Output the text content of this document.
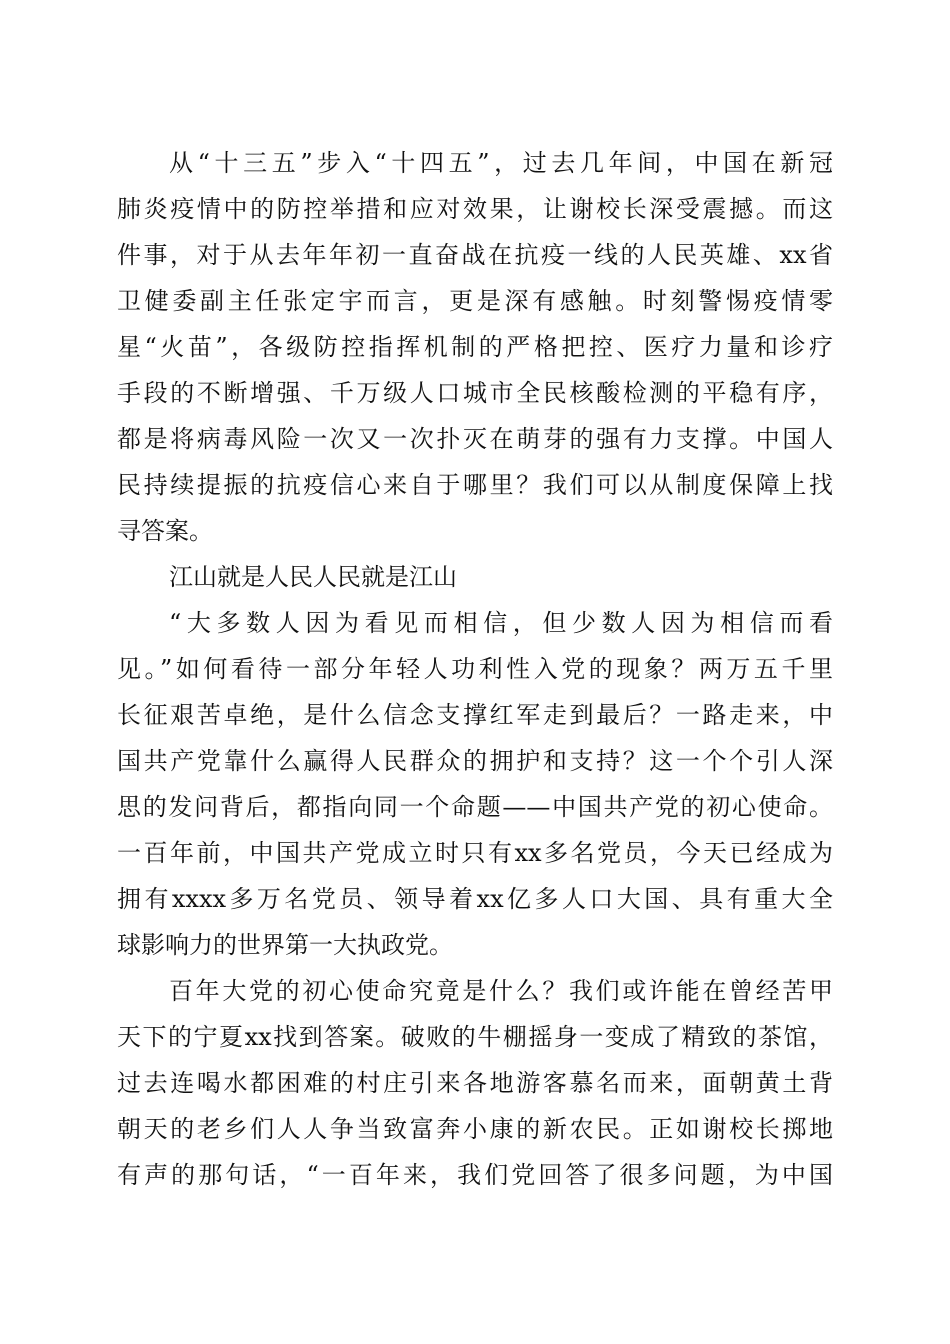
从“十三五”步入“十四五”，过去几年间，中国在新冠
肺炎疫情中的防控举措和应对效果，让谢校长深受震撼。而这
件事，对于从去年年初一直奋战在抗疫一线的人民英雄、xx省
卫健委副主任张定宇而言，更是深有感触。时刻警惕疫情零
星“火苗”，各级防控指挥机制的严格把控、医疗力量和诊疗
手段的不断增强、千万级人口城市全民核酸检测的平稳有序，
都是将病毒风险一次又一次扑灭在萌芽的强有力支撑。中国人
民持续提振的抗疫信心来自于哪里？我们可以从制度保障上找
寻答案。
江山就是人民人民就是江山
“大多数人因为看见而相信，但少数人因为相信而看
见。”如何看待一部分年轻人功利性入党的现象？两万五千里
长征艰苦卓绝，是什么信念支撑红军走到最后？一路走来，中
国共产党靠什么赢得人民群众的拥护和支持？这一个个引人深
思的发问背后，都指向同一个命题——中国共产党的初心使命。
一百年前，中国共产党成立时只有xx多名党员，今天已经成为
拥有xxxx多万名党员、领导着xx亿多人口大国、具有重大全
球影响力的世界第一大执政党。
百年大党的初心使命究竟是什么？我们或许能在曾经苦甲
天下的宁夏xx找到答案。破败的牛棚摇身一变成了精致的茶馆，
过去连喝水都困难的村庄引来各地游客慕名而来，面朝黄土背
朝天的老乡们人人争当致富奔小康的新农民。正如谢校长掷地
有声的那句话，“一百年来，我们党回答了很多问题，为中国
